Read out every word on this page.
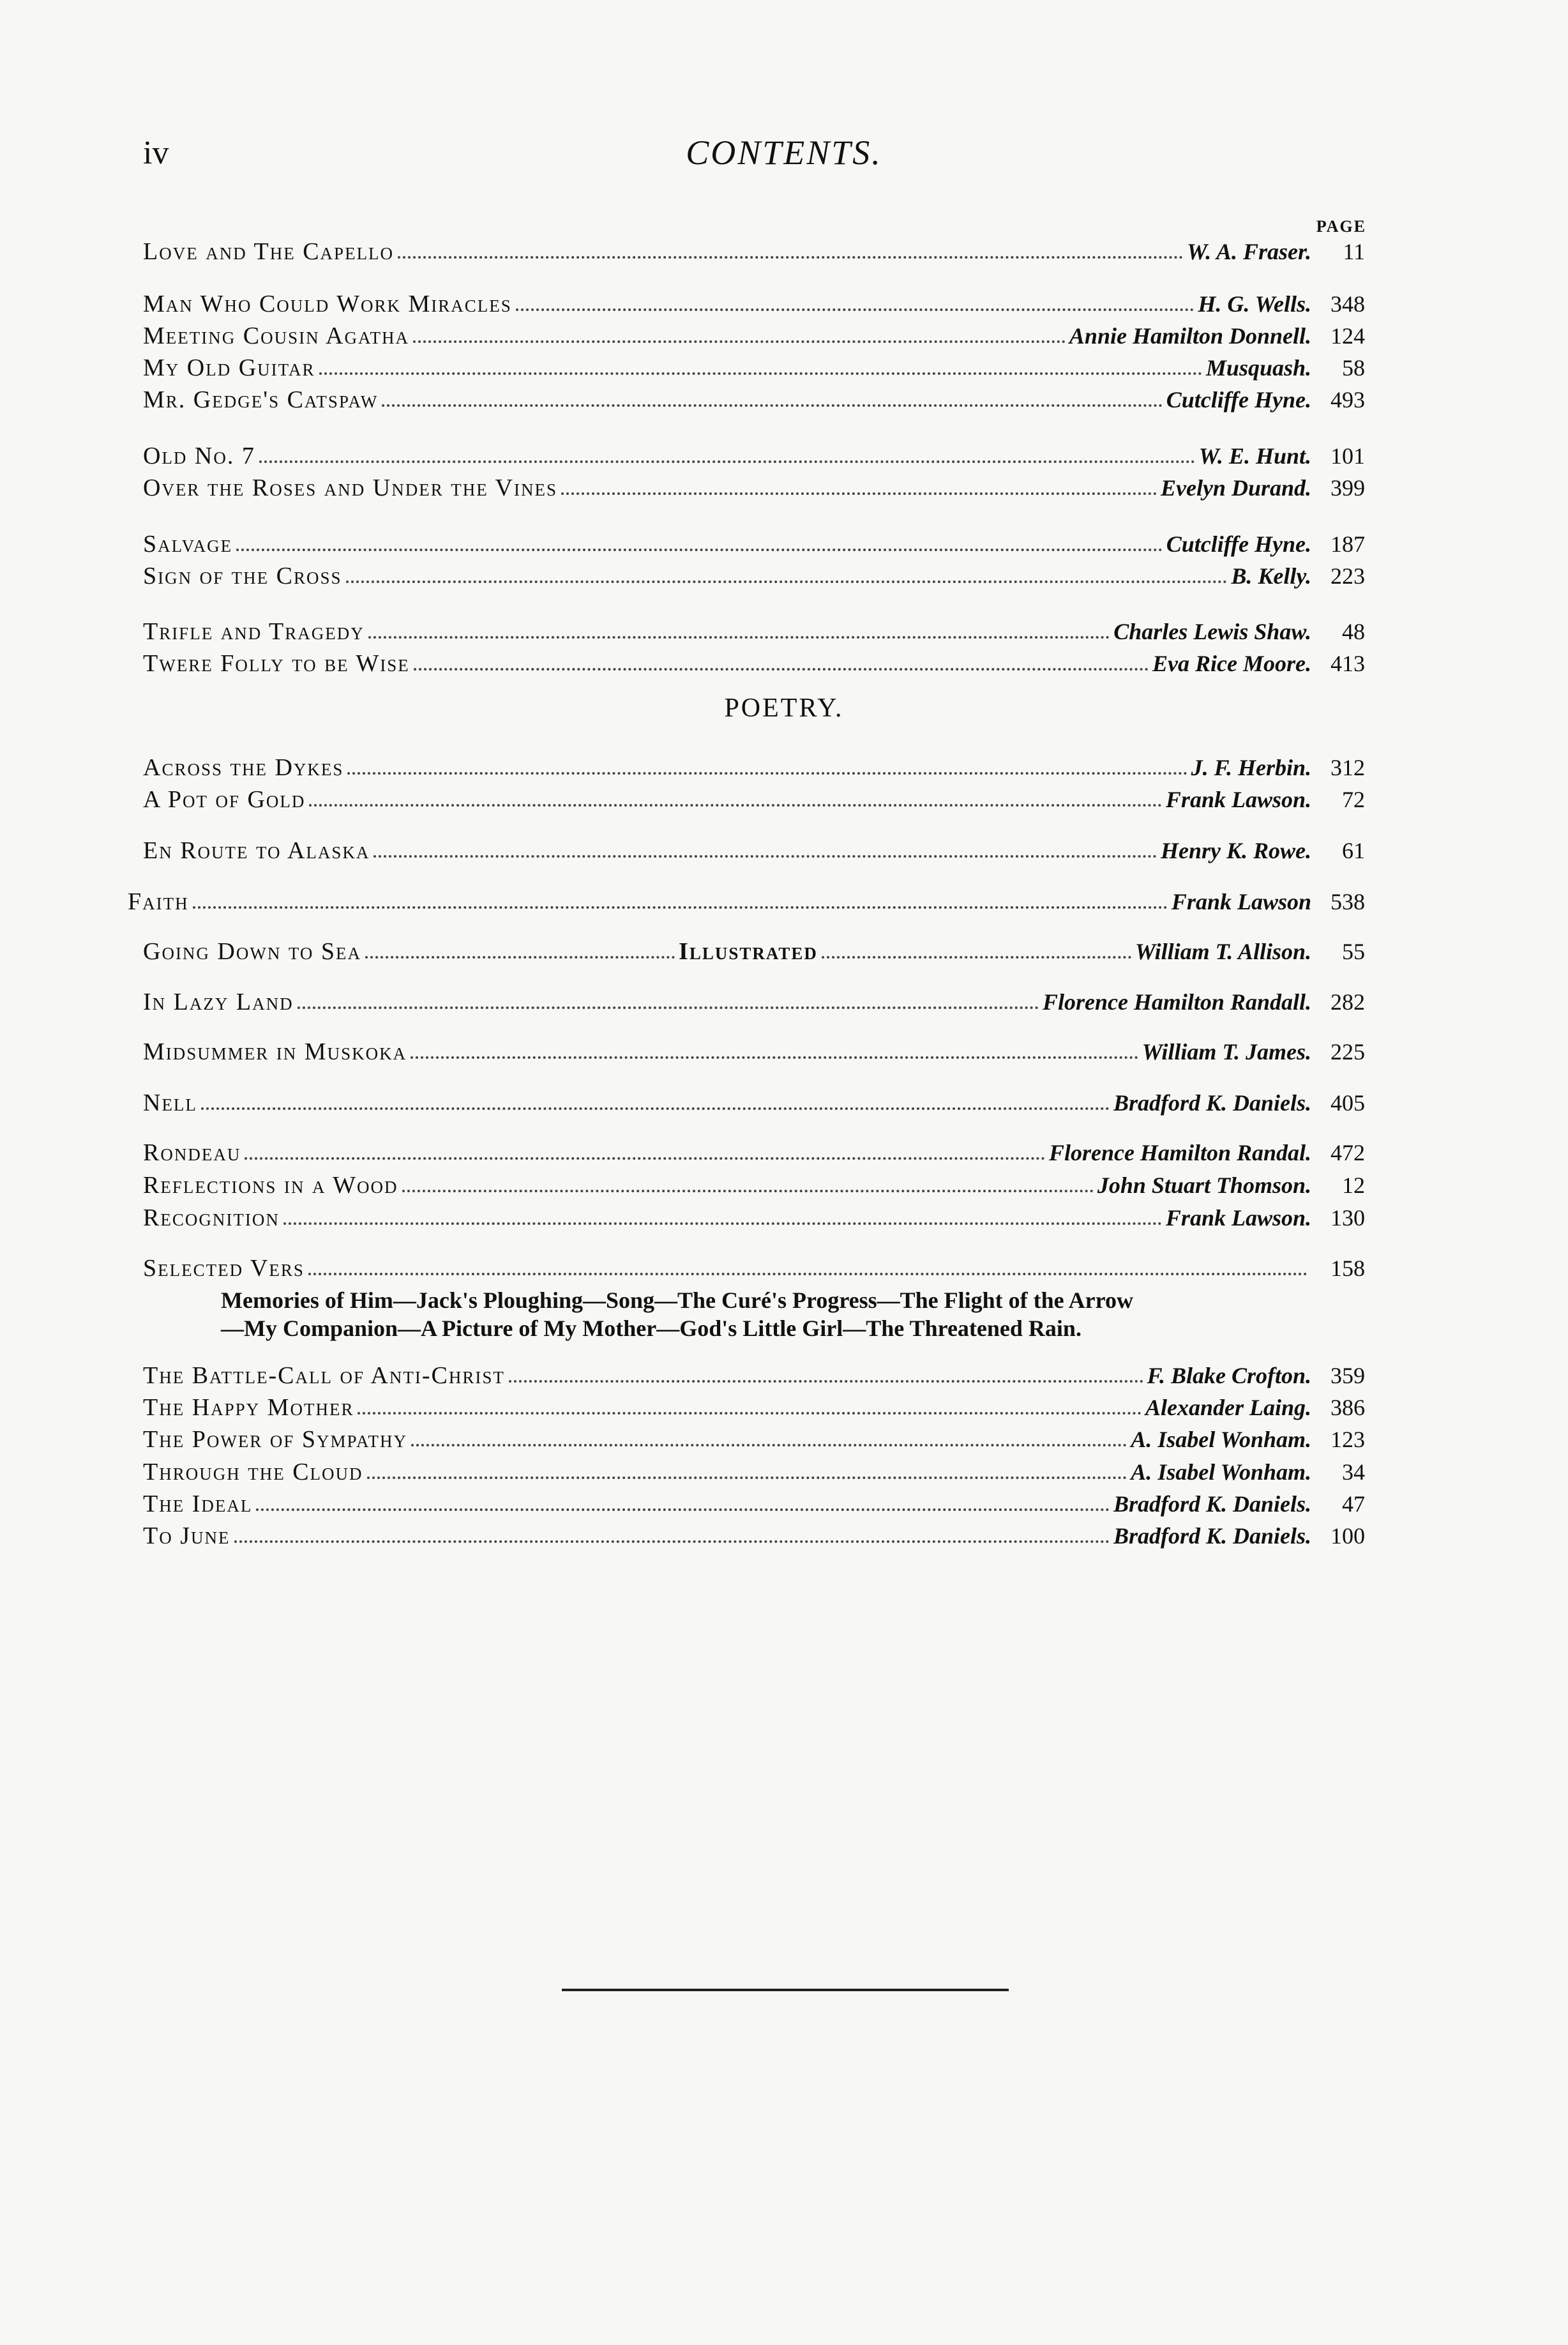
iv	CONTENTS.
PAGE
Love and The Capello	W. A. Fraser.	11
Man Who Could Work Miracles	H. G. Wells. 348
Meeting Cousin Agatha	Annie Hamilton Donnell. 124
My Old Guitar	Musquash.	58
Mr. Gedge's Catspaw	Cutcliffe Hyne. 493
Old No. 7	W. E. Hunt. 101
Over the Roses and Under the Vines	Evelyn Durand. 399
Salvage	Cutcliffe Hyne. 187
Sign of the Cross	B. Kelly. 223
Trifle and Tragedy	Charles Lewis Shaw.	48
Twere Folly to be Wise	Eva Rice Moore. 413
POETRY.
Across the Dykes	J. F. Herbin. 312
A Pot of Gold	Frank Lawson.	72
En Route to Alaska	Henry K. Rowe.	61
Faith	Frank Lawson 538
Going Down to Sea	Illustrated	William T. Allison.	55
In Lazy Land	Florence Hamilton Randall. 282
Midsummer in Muskoka	William T. James. 225
Nell	Bradford K. Daniels. 405
Rondeau	Florence Hamilton Randal. 472
Reflections in a Wood	John Stuart Thomson.	12
Recognition	Frank Lawson. 130
Selected Vers	158
Memories of Him—Jack's Ploughing—Song—The Curé's Progress—The Flight of the Arrow
—My Companion—A Picture of My Mother—God's Little Girl—The Threatened Rain.
The Battle-Call of Anti-Christ	F. Blake Crofton. 359
The Happy Mother	Alexander Laing. 386
The Power of Sympathy	A. Isabel Wonham. 123
Through the Cloud	A. Isabel Wonham.	34
The Ideal	Bradford K. Daniels.	47
To June	Bradford K. Daniels. 100
